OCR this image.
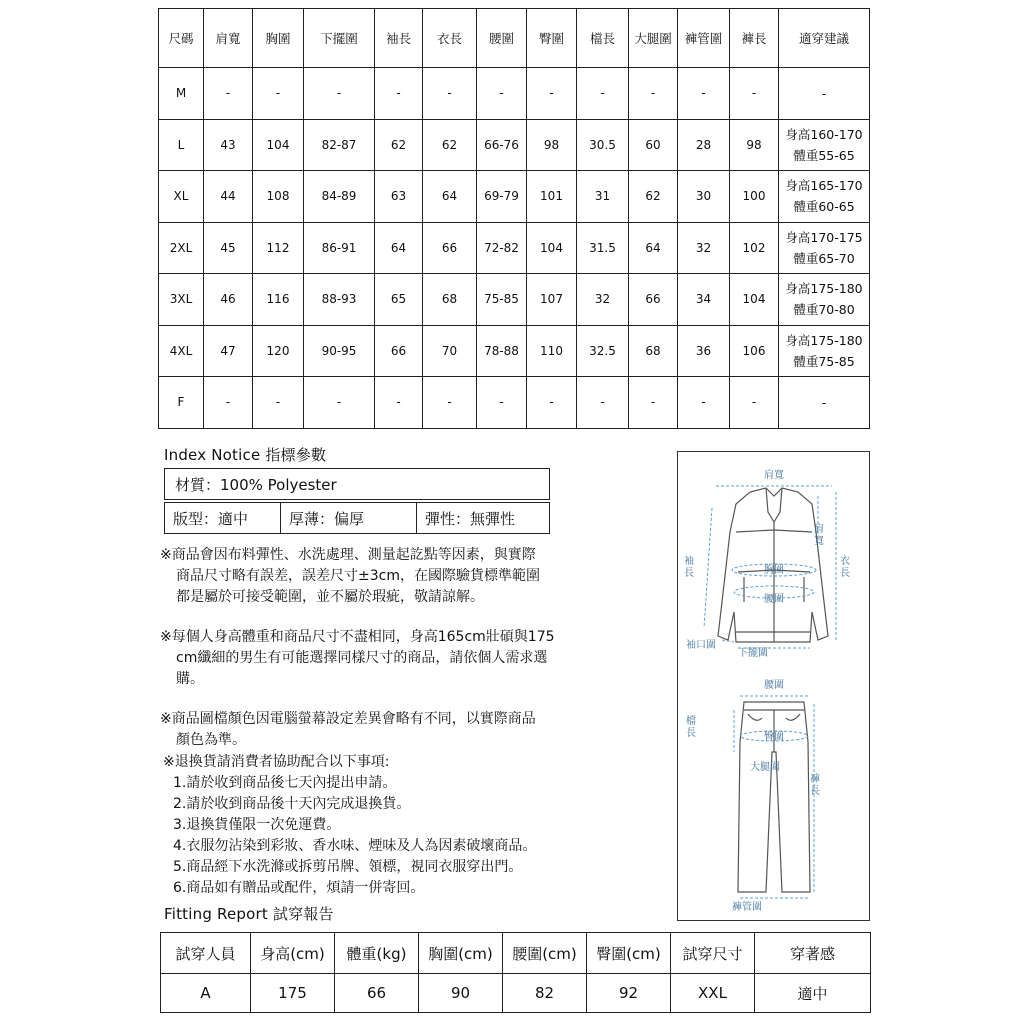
尺碼	肩寬	胸圍	下擺圍	袖長	衣長	腰圍	臀圍	檔長	大腿圍	褲管圍	褲長	適穿建議
M	-	-	-	-	-	-	-	-	-	-	-	-

L	43	104	82-87	62	62	66-76	98	30.5	60	28	98	身高160-170
體重55-65

XL	44	108	84-89	63	64	69-79	101	31	62	30	100	身高165-170
體重60-65

2XL	45	112	86-91	64	66	72-82	104	31.5	64	32	102	身高170-175
體重65-70

3XL	46	116	88-93	65	68	75-85	107	32	66	34	104	身高175-180
體重70-80

4XL	47	120	90-95	66	70	78-88	110	32.5	68	36	106	身高175-180
體重75-85

F	-	-	-	-	-	-	-	-	-	-	-	-
Index Notice 指標參數
材質：100% Polyester
版型：適中	厚薄：偏厚	彈性：無彈性
※商品會因布料彈性、水洗處理、測量起訖點等因素，與實際
商品尺寸略有誤差，誤差尺寸±3cm，在國際驗貨標準範圍
都是屬於可接受範圍，並不屬於瑕疵，敬請諒解。
※每個人身高體重和商品尺寸不盡相同，身高165cm壯碩與175
cm纖細的男生有可能選擇同樣尺寸的商品，請依個人需求選
購。
※商品圖檔顏色因電腦螢幕設定差異會略有不同，以實際商品
顏色為準。
※退換貨請消費者協助配合以下事項:
1.請於收到商品後七天內提出申請。
2.請於收到商品後十天內完成退換貨。
3.退換貨僅限一次免運費。
4.衣服勿沾染到彩妝、香水味、煙味及人為因素破壞商品。
5.商品經下水洗滌或拆剪吊牌、領標，視同衣服穿出門。
6.商品如有贈品或配件，煩請一併寄回。
肩寬
肩
寬
衣
長
袖
長	胸圍
腰圍
袖口圍
下擺圍
腰圍
檔
長	臀圍
大腿圍
褲
長
褲管圍
Fitting Report 試穿報告
試穿人員	身高(cm)	體重(kg)	胸圍(cm)	腰圍(cm)	臀圍(cm)	試穿尺寸	穿著感
A	175	66	90	82	92	XXL	適中
